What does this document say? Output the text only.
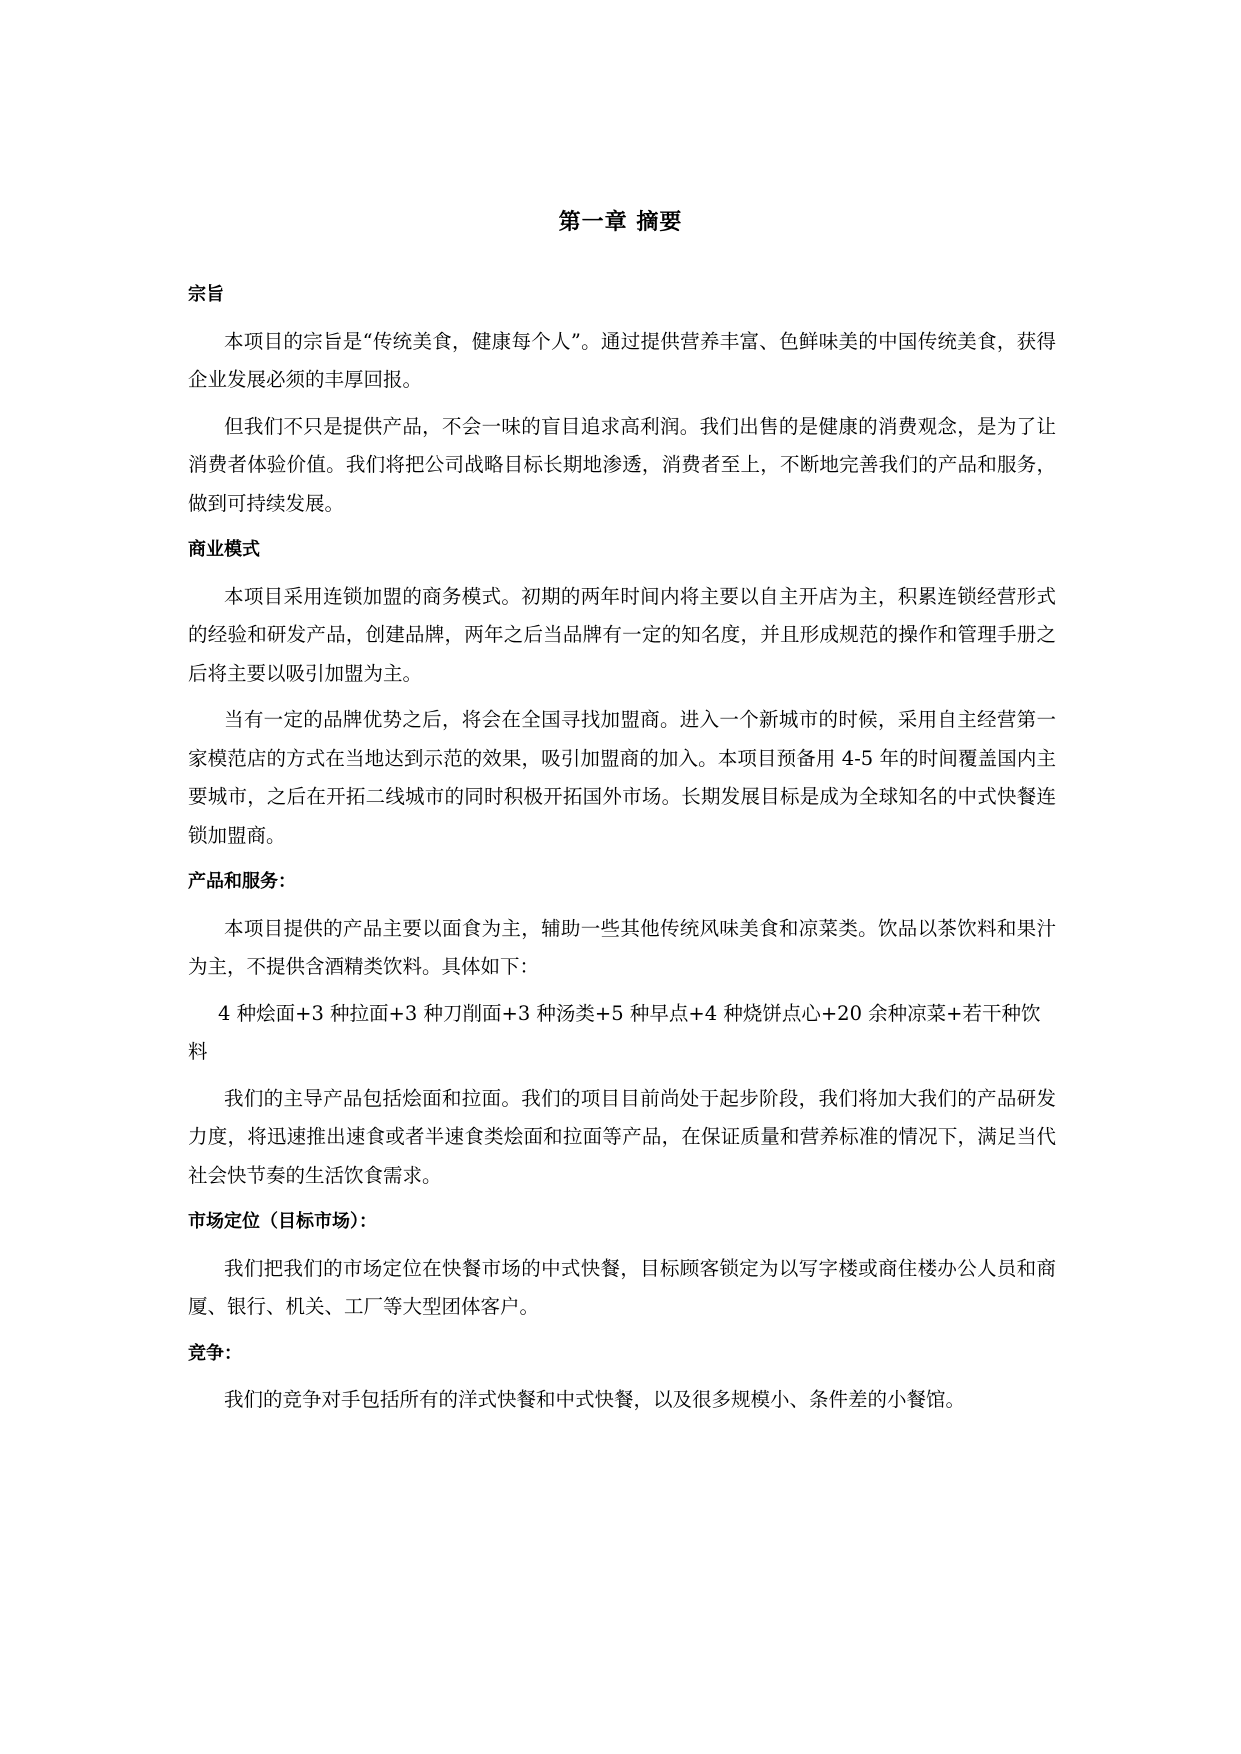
第一章 摘要
宗旨

本项目的宗旨是“传统美食，健康每个人”。通过提供营养丰富、色鲜味美的中国传统美食，获得企业发展必须的丰厚回报。

但我们不只是提供产品，不会一味的盲目追求高利润。我们出售的是健康的消费观念，是为了让消费者体验价值。我们将把公司战略目标长期地渗透，消费者至上，不断地完善我们的产品和服务，做到可持续发展。

商业模式

本项目采用连锁加盟的商务模式。初期的两年时间内将主要以自主开店为主，积累连锁经营形式的经验和研发产品，创建品牌，两年之后当品牌有一定的知名度，并且形成规范的操作和管理手册之后将主要以吸引加盟为主。

当有一定的品牌优势之后，将会在全国寻找加盟商。进入一个新城市的时候，采用自主经营第一家模范店的方式在当地达到示范的效果，吸引加盟商的加入。本项目预备用 4-5 年的时间覆盖国内主要城市，之后在开拓二线城市的同时积极开拓国外市场。长期发展目标是成为全球知名的中式快餐连锁加盟商。

产品和服务：

本项目提供的产品主要以面食为主，辅助一些其他传统风味美食和凉菜类。饮品以茶饮料和果汁为主，不提供含酒精类饮料。具体如下：

4 种烩面+3 种拉面+3 种刀削面+3 种汤类+5 种早点+4 种烧饼点心+20 余种凉菜+若干种饮料

我们的主导产品包括烩面和拉面。我们的项目目前尚处于起步阶段，我们将加大我们的产品研发力度，将迅速推出速食或者半速食类烩面和拉面等产品，在保证质量和营养标准的情况下，满足当代社会快节奏的生活饮食需求。

市场定位（目标市场）：

我们把我们的市场定位在快餐市场的中式快餐，目标顾客锁定为以写字楼或商住楼办公人员和商厦、银行、机关、工厂等大型团体客户。

竞争：

我们的竞争对手包括所有的洋式快餐和中式快餐，以及很多规模小、条件差的小餐馆。
